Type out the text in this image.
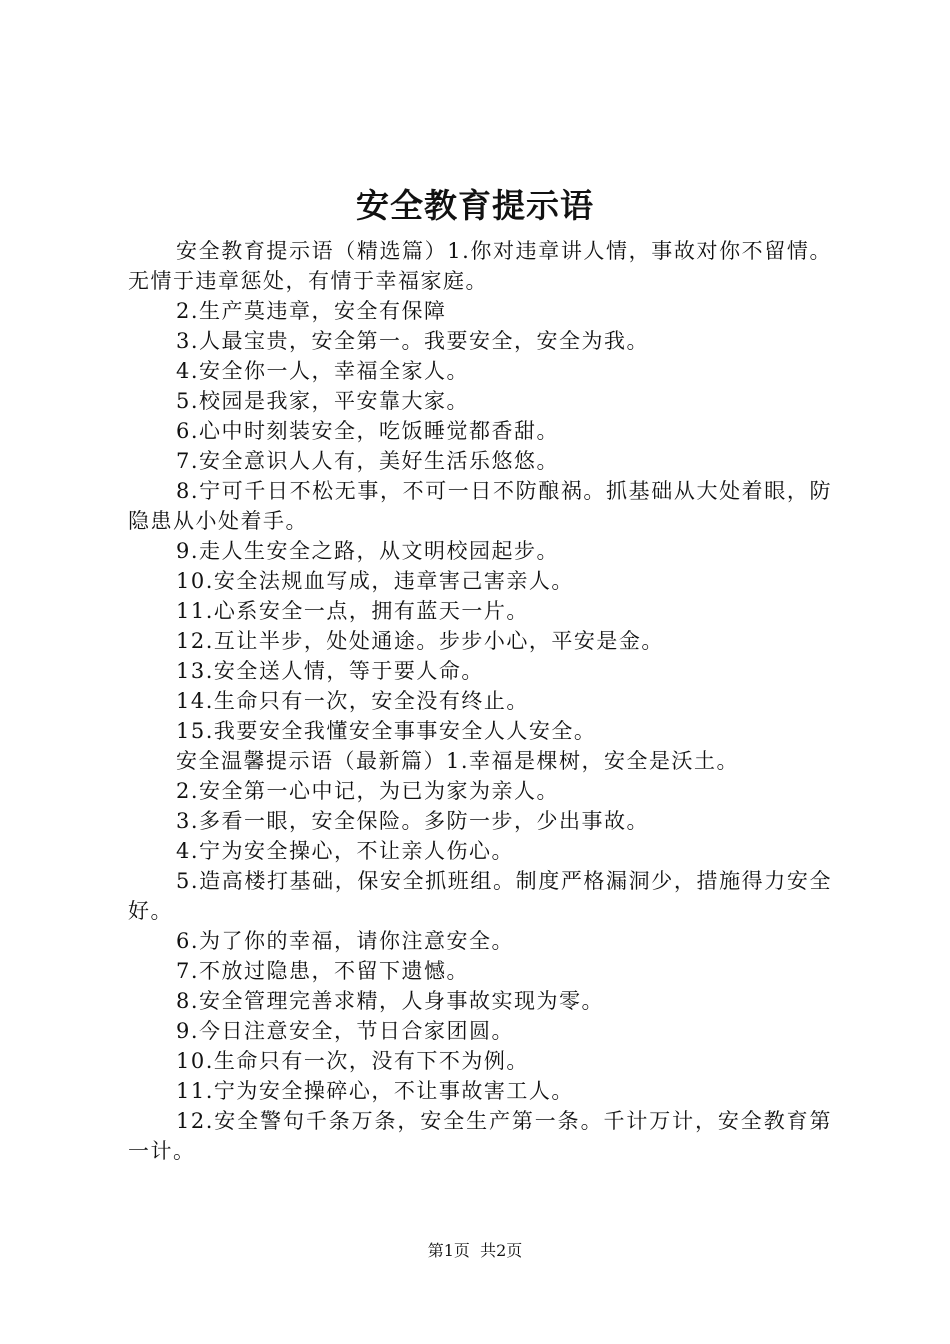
安全教育提示语

安全教育提示语（精选篇）1.你对违章讲人情，事故对你不留情。无情于违章惩处，有情于幸福家庭。

2.生产莫违章，安全有保障

3.人最宝贵，安全第一。我要安全，安全为我。

4.安全你一人，幸福全家人。

5.校园是我家，平安靠大家。

6.心中时刻装安全，吃饭睡觉都香甜。

7.安全意识人人有，美好生活乐悠悠。

8.宁可千日不松无事，不可一日不防酿祸。抓基础从大处着眼，防隐患从小处着手。

9.走人生安全之路，从文明校园起步。

10.安全法规血写成，违章害己害亲人。

11.心系安全一点，拥有蓝天一片。

12.互让半步，处处通途。步步小心，平安是金。

13.安全送人情，等于要人命。

14.生命只有一次，安全没有终止。

15.我要安全我懂安全事事安全人人安全。

安全温馨提示语（最新篇）1.幸福是棵树，安全是沃土。

2.安全第一心中记，为已为家为亲人。

3.多看一眼，安全保险。多防一步，少出事故。

4.宁为安全操心，不让亲人伤心。

5.造高楼打基础，保安全抓班组。制度严格漏洞少，措施得力安全好。

6.为了你的幸福，请你注意安全。

7.不放过隐患，不留下遗憾。

8.安全管理完善求精，人身事故实现为零。

9.今日注意安全，节日合家团圆。

10.生命只有一次，没有下不为例。

11.宁为安全操碎心，不让事故害工人。

12.安全警句千条万条，安全生产第一条。千计万计，安全教育第一计。

第1页  共2页
